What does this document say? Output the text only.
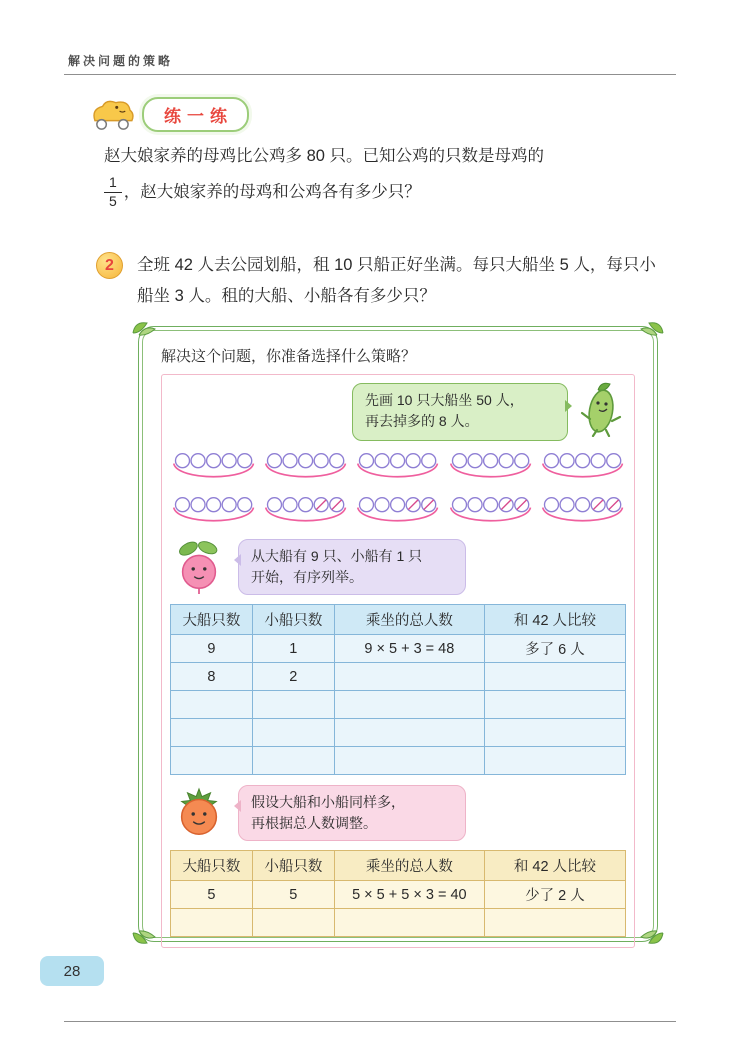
解决问题的策略
练一练
赵大娘家养的母鸡比公鸡多 80 只。已知公鸡的只数是母鸡的
$\frac{1}{5}$ ，赵大娘家养的母鸡和公鸡各有多少只？
2	全班 42 人去公园划船，租 10 只船正好坐满。每只大船坐 5 人，每只小船坐 3 人。租的大船、小船各有多少只？
解决这个问题，你准备选择什么策略？
先画 10 只大船坐 50 人，
再去掉多的 8 人。
从大船有 9 只、小船有 1 只
开始，有序列举。
大船只数	小船只数	乘坐的总人数	和 42 人比较
9	1	9 × 5 + 3 = 48	多了 6 人
8	2		

假设大船和小船同样多，
再根据总人数调整。
大船只数	小船只数	乘坐的总人数	和 42 人比较
5	5	5 × 5 + 5 × 3 = 40	少了 2 人

28
